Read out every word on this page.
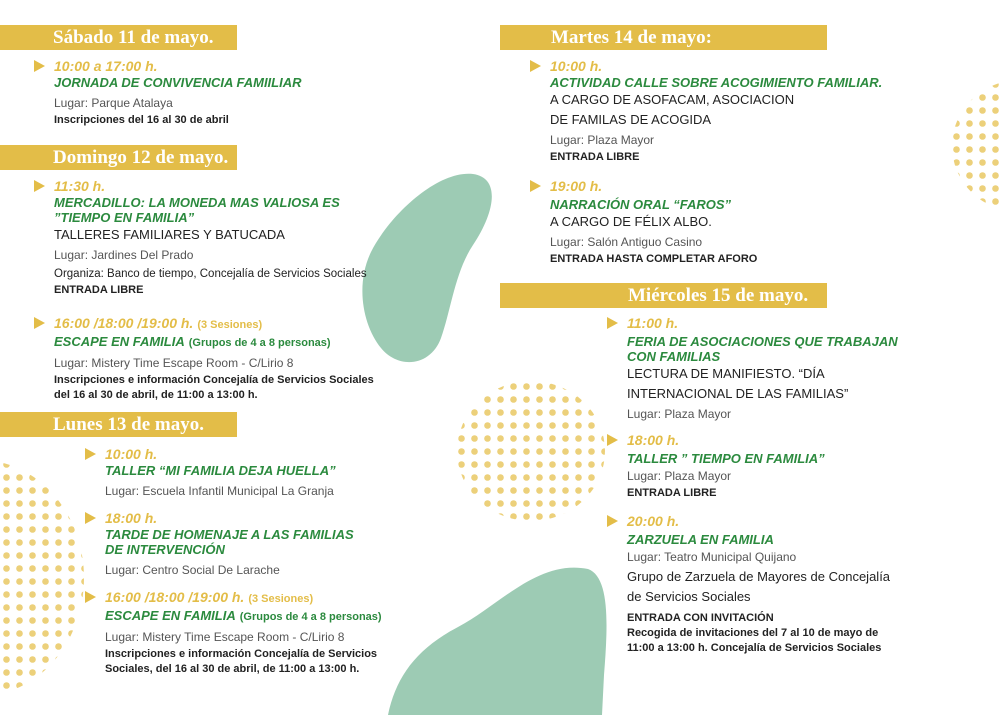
Sábado 11 de mayo.
10:00 a 17:00 h.
JORNADA DE CONVIVENCIA FAMIILIAR
Lugar: Parque Atalaya
Inscripciones del 16 al 30 de abril
Domingo 12 de mayo.
11:30 h.
MERCADILLO: LA MONEDA MAS VALIOSA ES
”TIEMPO EN FAMILIA”
TALLERES FAMILIARES Y BATUCADA
Lugar: Jardines Del Prado
Organiza: Banco de tiempo, Concejalía de Servicios Sociales
ENTRADA LIBRE
16:00 /18:00 /19:00 h. (3 Sesiones)
ESCAPE EN FAMILIA (Grupos de 4 a 8 personas)
Lugar: Mistery Time Escape Room - C/Lirio 8
Inscripciones e información Concejalía de Servicios Sociales
del 16 al 30 de abril, de 11:00 a 13:00 h.
Lunes 13 de mayo.
10:00 h.
TALLER “MI FAMILIA DEJA HUELLA”
Lugar: Escuela Infantil Municipal La Granja
18:00 h.
TARDE DE HOMENAJE A LAS FAMILIAS
DE INTERVENCIÓN
Lugar: Centro Social De Larache
16:00 /18:00 /19:00 h. (3 Sesiones)
ESCAPE EN FAMILIA (Grupos de 4 a 8 personas)
Lugar: Mistery Time Escape Room - C/Lirio 8
Inscripciones e información Concejalía de Servicios
Sociales, del 16 al 30 de abril, de 11:00 a 13:00 h.
Martes 14 de mayo:
10:00 h.
ACTIVIDAD CALLE SOBRE ACOGIMIENTO FAMILIAR.
A CARGO DE ASOFACAM, ASOCIACION
DE FAMILAS DE ACOGIDA
Lugar: Plaza Mayor
ENTRADA LIBRE
19:00 h.
NARRACIÓN ORAL “FAROS”
A CARGO DE FÉLIX ALBO.
Lugar: Salón Antiguo Casino
ENTRADA HASTA COMPLETAR AFORO
Miércoles 15 de mayo.
11:00 h.
FERIA DE ASOCIACIONES QUE TRABAJAN
CON FAMILIAS
LECTURA DE MANIFIESTO. “DÍA
INTERNACIONAL DE LAS FAMILIAS”
Lugar: Plaza Mayor
18:00 h.
TALLER ” TIEMPO EN FAMILIA”
Lugar: Plaza Mayor
ENTRADA LIBRE
20:00 h.
ZARZUELA EN FAMILIA
Lugar: Teatro Municipal Quijano
Grupo de Zarzuela de Mayores de Concejalía
de Servicios Sociales
ENTRADA CON INVITACIÓN
Recogida de invitaciones del 7 al 10 de mayo de
11:00 a 13:00 h. Concejalía de Servicios Sociales
